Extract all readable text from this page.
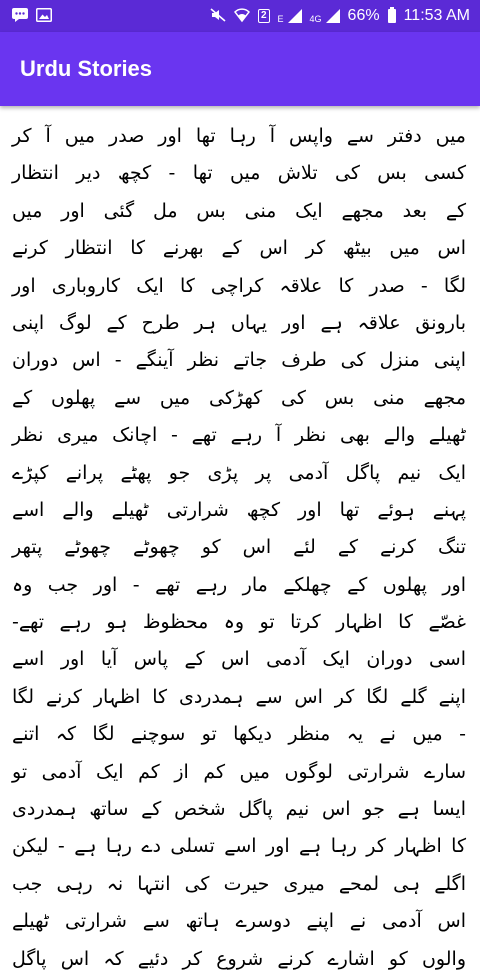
2	E	4G 66% 11:53 AM
Urdu Stories
میں دفتر سے واپس آ رہا تھا اور صدر میں آ کر
کسی بس کی تلاش میں تھا - کچھ دیر انتظار
کے بعد مجھے ایک منی بس مل گئی اور میں
اس میں بیٹھ کر اس کے بھرنے کا انتظار کرنے
لگا - صدر کا علاقہ کراچی کا ایک کاروباری اور
بارونق علاقہ ہے اور یہاں ہر طرح کے لوگ اپنی
اپنی منزل کی طرف جاتے نظر آینگے - اس دوران
مجھے منی بس کی کھڑکی میں سے پھلوں کے
ٹھیلے والے بھی نظر آ رہے تھے - اچانک میری نظر
ایک نیم پاگل آدمی پر پڑی جو پھٹے پرانے کپڑے
پہنے ہوئے تھا اور کچھ شرارتی ٹھیلے والے اسے
تنگ کرنے کے لئے اس کو چھوٹے چھوٹے پتھر
اور پھلوں کے چھلکے مار رہے تھے - اور جب وہ
غصّے کا اظہار کرتا تو وہ محظوظ ہو رہے تھے-
اسی دوران ایک آدمی اس کے پاس آیا اور اسے
اپنے گلے لگا کر اس سے ہمدردی کا اظہار کرنے لگا
- میں نے یہ منظر دیکھا تو سوچنے لگا کہ اتنے
سارے شرارتی لوگوں میں کم از کم ایک آدمی تو
ایسا ہے جو اس نیم پاگل شخص کے ساتھ ہمدردی
کا اظہار کر رہا ہے اور اسے تسلی دے رہا ہے - لیکن
اگلے ہی لمحے میری حیرت کی انتہا نہ رہی جب
اس آدمی نے اپنے دوسرے ہاتھ سے شرارتی ٹھیلے
والوں کو اشارے کرنے شروع کر دئیے کہ اس پاگل
